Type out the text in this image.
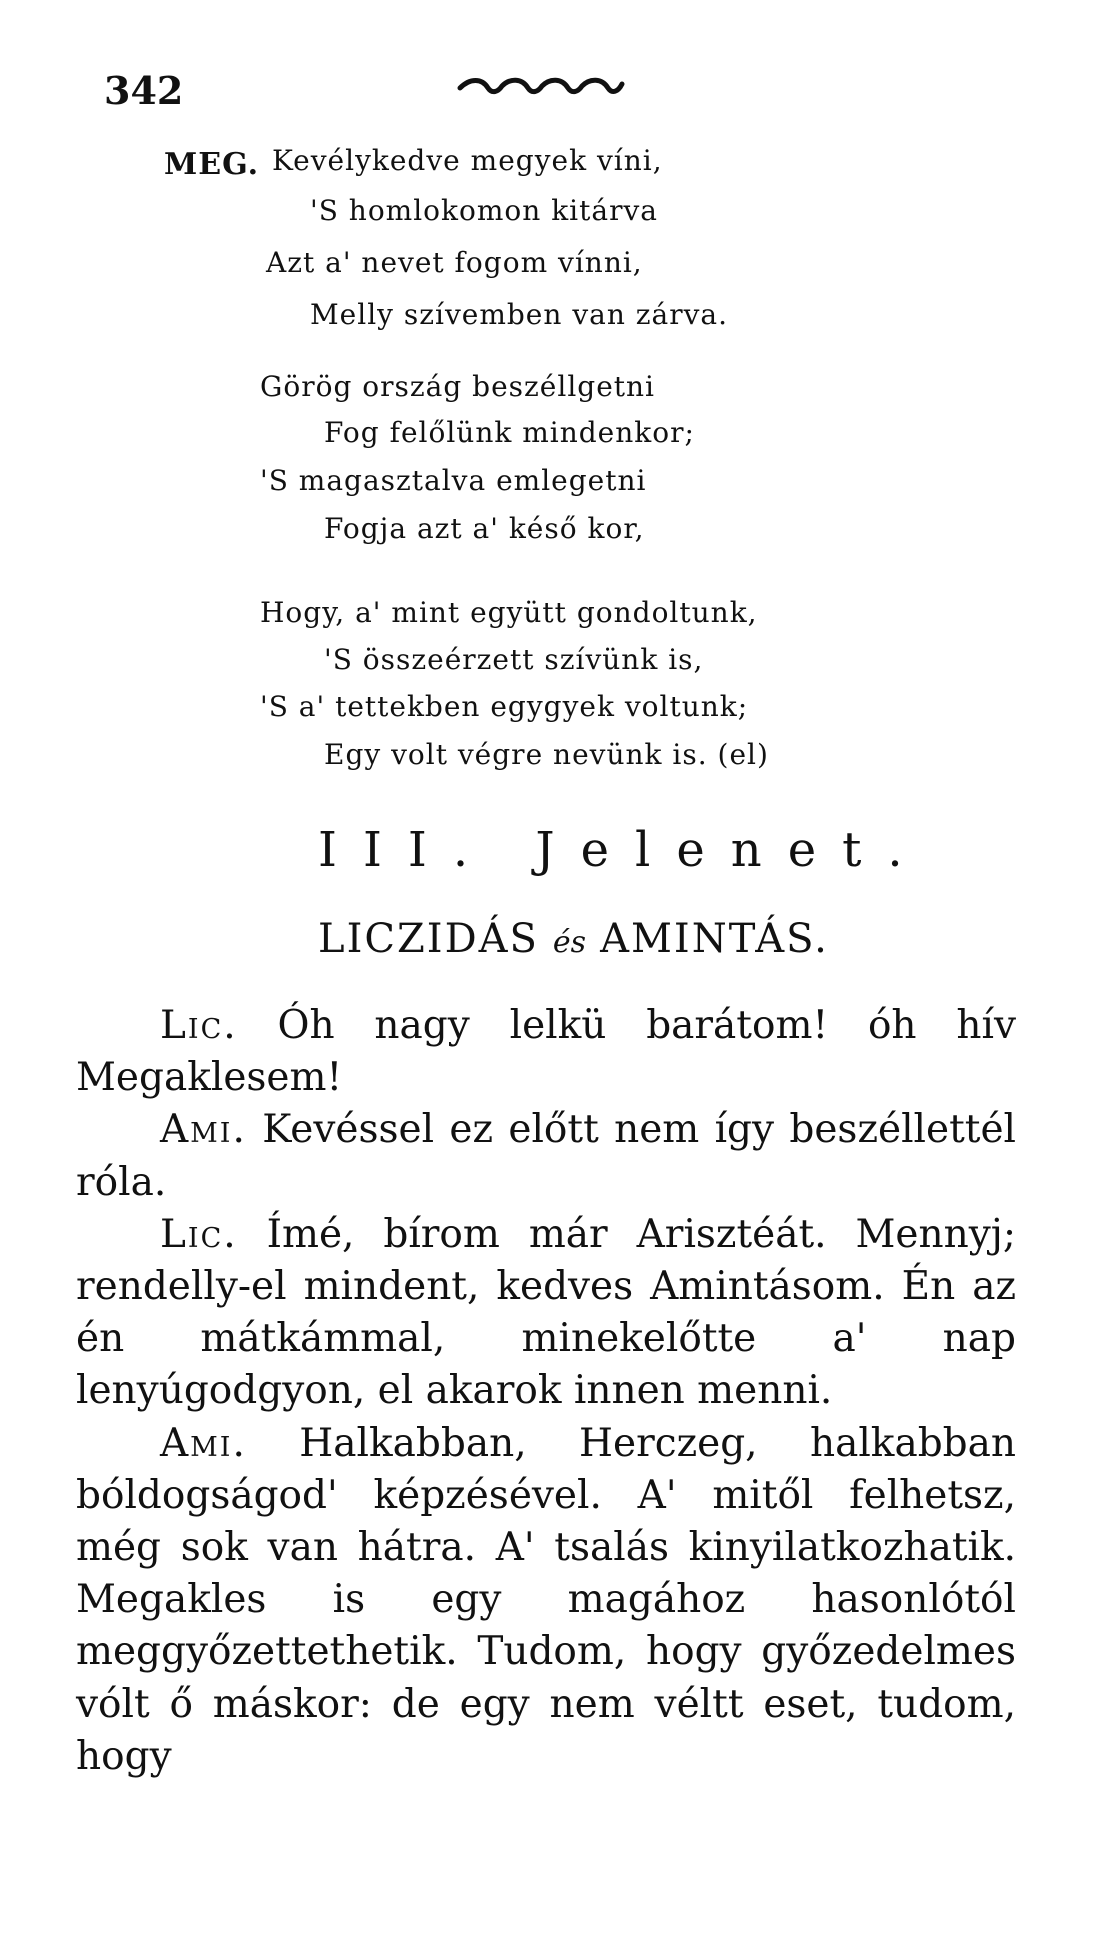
342
MEG. Kevélykedve megyek víni,
'S homlokomon kitárva
Azt a' nevet fogom vínni,
Melly szívemben van zárva.
Görög ország beszéllgetni
Fog felőlünk mindenkor;
'S magasztalva emlegetni
Fogja azt a' késő kor,
Hogy, a' mint együtt gondoltunk,
'S összeérzett szívünk is,
'S a' tettekben egygyek voltunk;
Egy volt végre nevünk is. (el)
III. Jelenet.
LICZIDÁS és AMINTÁS.

Lic. Óh nagy lelkü barátom! óh hív Megaklesem!

Ami. Kevéssel ez előtt nem így beszéllettél róla.

Lic. Ímé, bírom már Arisztéát. Mennyj; rendelly-el mindent, kedves Amintásom. Én az én mátkámmal, minekelőtte a' nap lenyúgodgyon, el akarok innen menni.

Ami. Halkabban, Herczeg, halkabban bóldogságod' képzésével. A' mitől felhetsz, még sok van hátra. A' tsalás kinyilatkozhatik. Megakles is egy magához hasonlótól meggyőzettethetik. Tudom, hogy győzedelmes vólt ő máskor: de egy nem véltt eset, tudom, hogy
